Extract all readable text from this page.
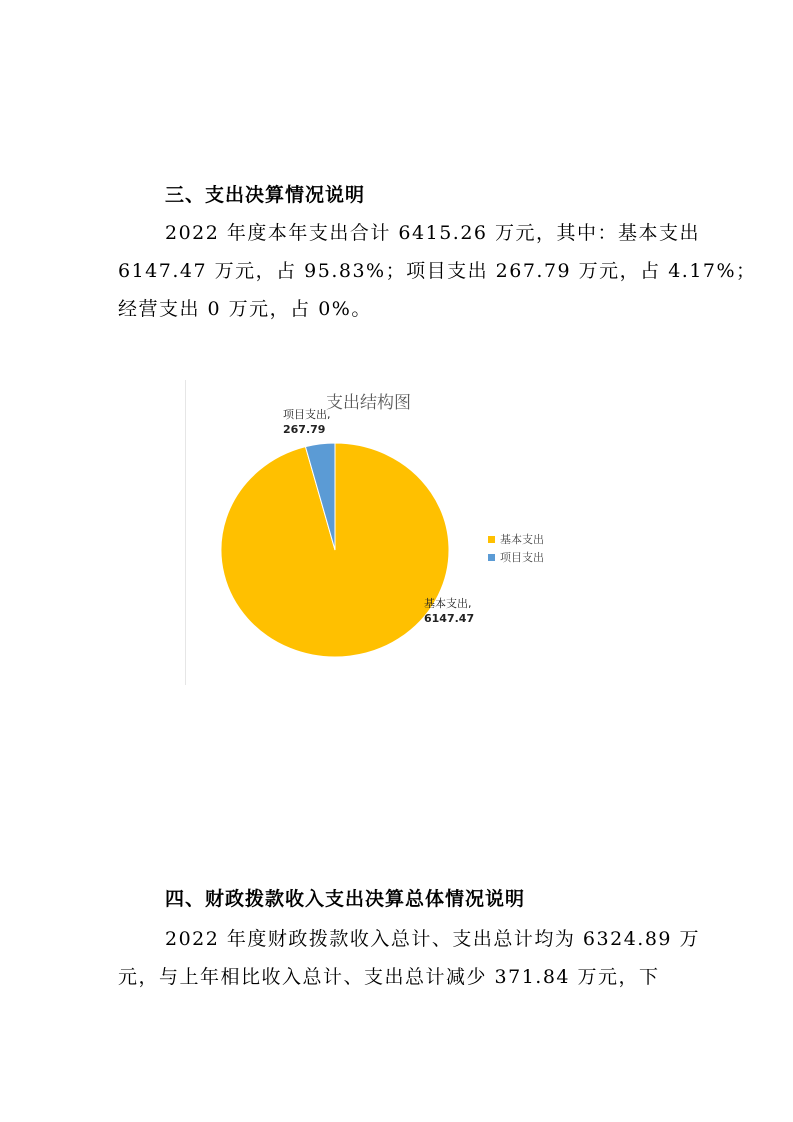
三、支出决算情况说明
2022 年度本年支出合计 6415.26 万元，其中：基本支出
6147.47 万元，占 95.83%；项目支出 267.79 万元，占 4.17%；
经营支出 0 万元，占 0%。
支出结构图
项目支出,
267.79
基本支出,
6147.47
基本支出
项目支出
四、财政拨款收入支出决算总体情况说明
2022 年度财政拨款收入总计、支出总计均为 6324.89 万
元，与上年相比收入总计、支出总计减少 371.84 万元，下
